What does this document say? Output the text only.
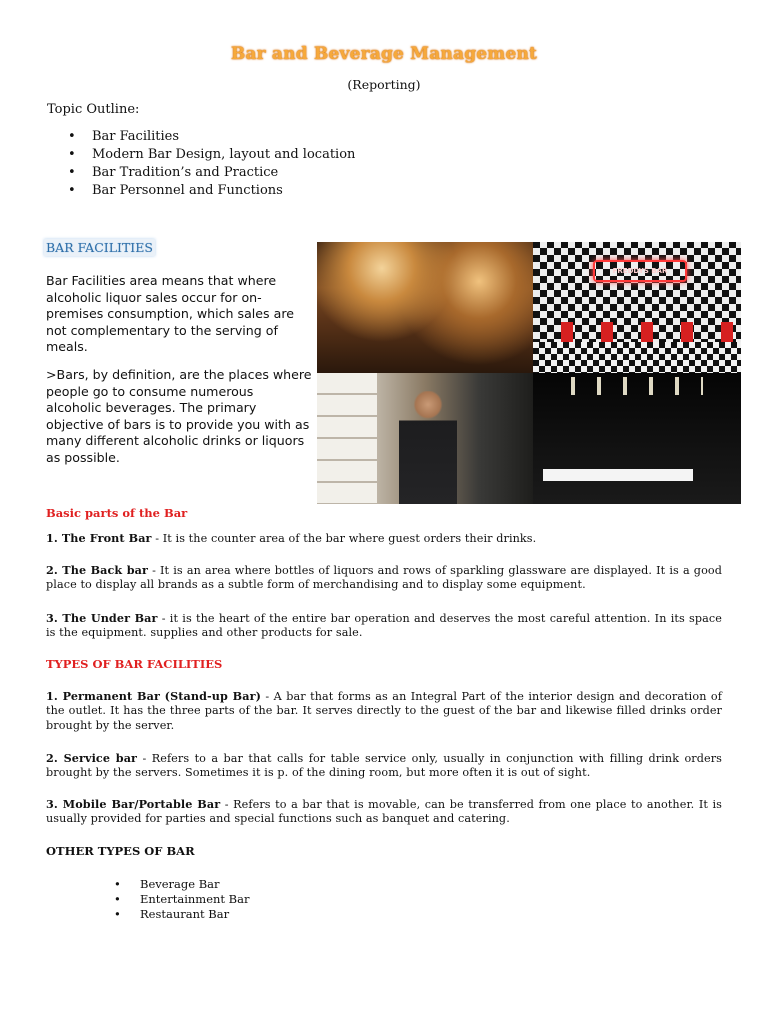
Bar and Beverage Management
(Reporting)
Topic Outline:
• Bar Facilities
• Modern Bar Design, layout and location
• Bar Tradition’s and Practice
• Bar Personnel and Functions
BAR FACILITIES
Bar Facilities area means that where alcoholic liquor sales occur for on-premises consumption, which sales are not complementary to the serving of meals.
>Bars, by definition, are the places where people go to consume numerous alcoholic beverages. The primary objective of bars is to provide you with as many different alcoholic drinks or liquors as possible.
FREDDYS BAR
Basic parts of the Bar
1. The Front Bar - It is the counter area of the bar where guest orders their drinks.
2. The Back bar - It is an area where bottles of liquors and rows of sparkling glassware are displayed. It is a good place to display all brands as a subtle form of merchandising and to display some equipment.
3. The Under Bar - it is the heart of the entire bar operation and deserves the most careful attention. In its space is the equipment. supplies and other products for sale.
TYPES OF BAR FACILITIES
1. Permanent Bar (Stand-up Bar) - A bar that forms as an Integral Part of the interior design and decoration of the outlet. It has the three parts of the bar. It serves directly to the guest of the bar and likewise filled drinks order brought by the server.
2. Service bar - Refers to a bar that calls for table service only, usually in conjunction with filling drink orders brought by the servers. Sometimes it is p. of the dining room, but more often it is out of sight.
3. Mobile Bar/Portable Bar - Refers to a bar that is movable, can be transferred from one place to another. It is usually provided for parties and special functions such as banquet and catering.
OTHER TYPES OF BAR
• Beverage Bar
• Entertainment Bar
• Restaurant Bar
